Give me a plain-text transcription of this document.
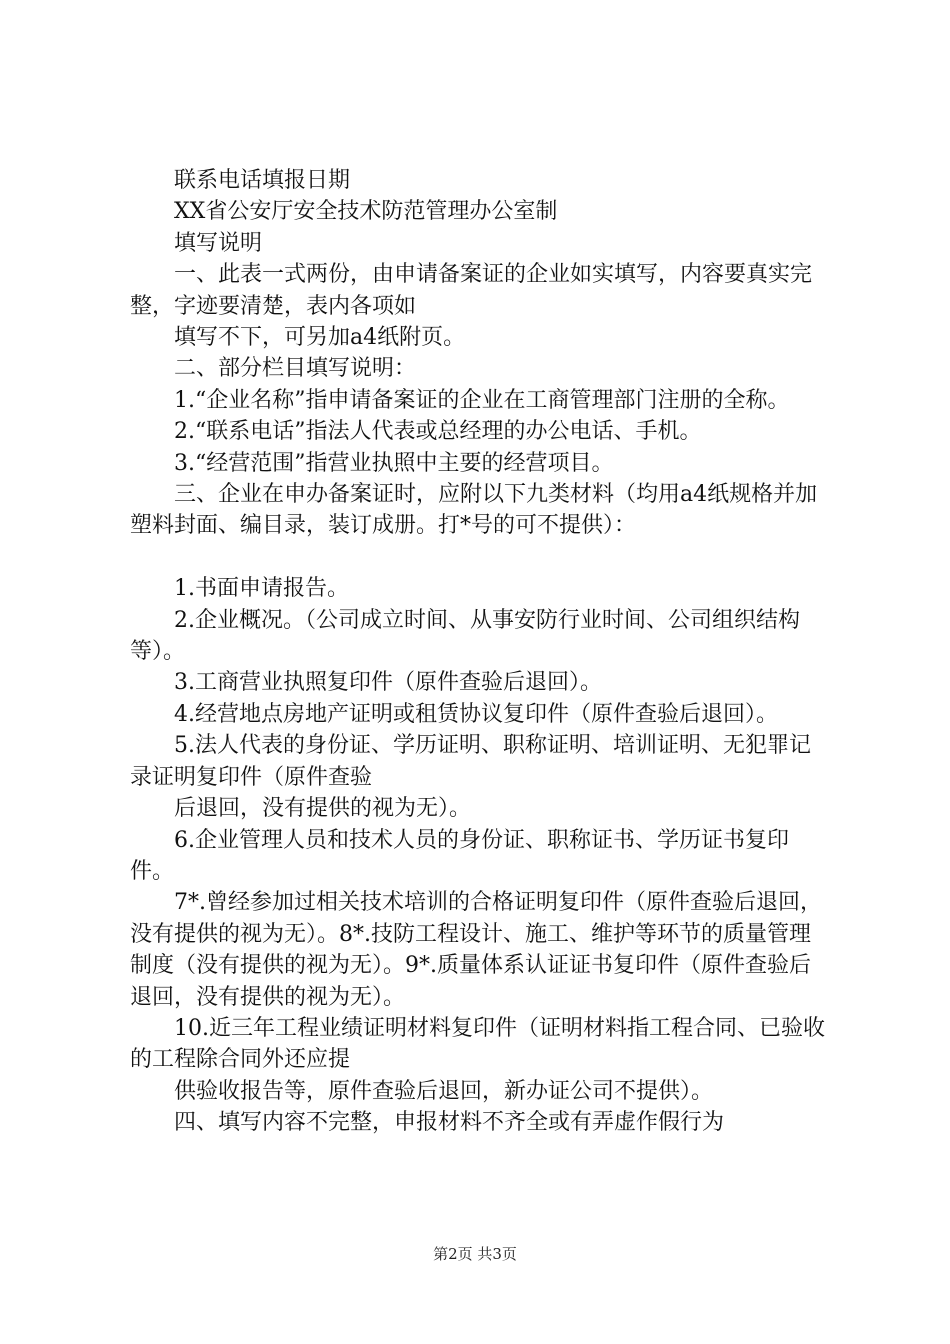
联系电话填报日期

XX省公安厅安全技术防范管理办公室制

填写说明

一、此表一式两份，由申请备案证的企业如实填写，内容要真实完整，字迹要清楚，表内各项如

填写不下，可另加a4纸附页。

二、部分栏目填写说明：

1.“企业名称”指申请备案证的企业在工商管理部门注册的全称。

2.“联系电话”指法人代表或总经理的办公电话、手机。

3.“经营范围”指营业执照中主要的经营项目。

三、企业在申办备案证时，应附以下九类材料（均用a4纸规格并加塑料封面、编目录，装订成册。打*号的可不提供）：

1.书面申请报告。

2.企业概况。（公司成立时间、从事安防行业时间、公司组织结构等）。

3.工商营业执照复印件（原件查验后退回）。

4.经营地点房地产证明或租赁协议复印件（原件查验后退回）。

5.法人代表的身份证、学历证明、职称证明、培训证明、无犯罪记录证明复印件（原件查验

后退回，没有提供的视为无）。

6.企业管理人员和技术人员的身份证、职称证书、学历证书复印件。

7*.曾经参加过相关技术培训的合格证明复印件（原件查验后退回，没有提供的视为无）。8*.技防工程设计、施工、维护等环节的质量管理制度（没有提供的视为无）。9*.质量体系认证证书复印件（原件查验后退回，没有提供的视为无）。

10.近三年工程业绩证明材料复印件（证明材料指工程合同、已验收的工程除合同外还应提

供验收报告等，原件查验后退回，新办证公司不提供）。

四、填写内容不完整，申报材料不齐全或有弄虚作假行为

第2页 共3页
